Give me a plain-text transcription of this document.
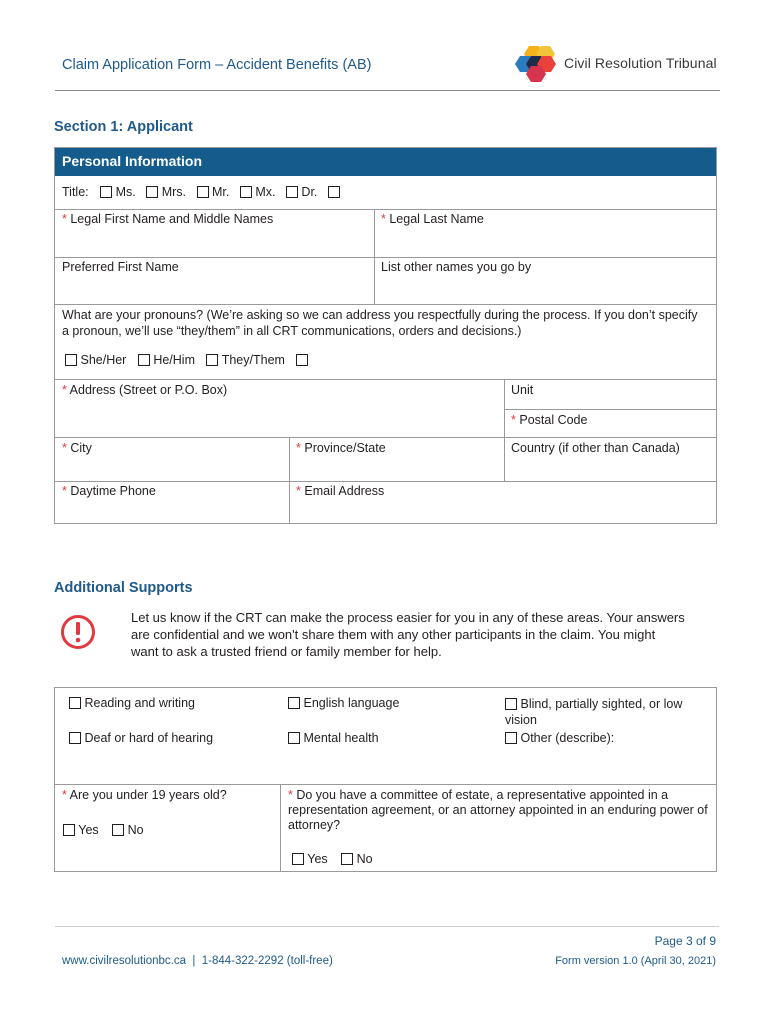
Claim Application Form – Accident Benefits (AB)	Civil Resolution Tribunal
Section 1: Applicant
Personal Information
Title: Ms. Mrs. Mr. Mx. Dr.
* Legal First Name and Middle Names	* Legal Last Name
Preferred First Name	List other names you go by
What are your pronouns? (We’re asking so we can address you respectfully during the process. If you don’t specify a pronoun, we’ll use “they/them” in all CRT communications, orders and decisions.)
She/Her He/Him They/Them
* Address (Street or P.O. Box)	Unit
* Postal Code
* City	* Province/State	Country (if other than Canada)
* Daytime Phone	* Email Address
Additional Supports
Let us know if the CRT can make the process easier for you in any of these areas. Your answers are confidential and we won't share them with any other participants in the claim. You might want to ask a trusted friend or family member for help.
Reading and writing	English language	Blind, partially sighted, or low vision
Deaf or hard of hearing	Mental health	Other (describe):
* Are you under 19 years old?
Yes No
* Do you have a committee of estate, a representative appointed in a representation agreement, or an attorney appointed in an enduring power of attorney?
Yes No
Page 3 of 9
www.civilresolutionbc.ca  |  1-844-322-2292 (toll-free)	Form version 1.0 (April 30, 2021)
